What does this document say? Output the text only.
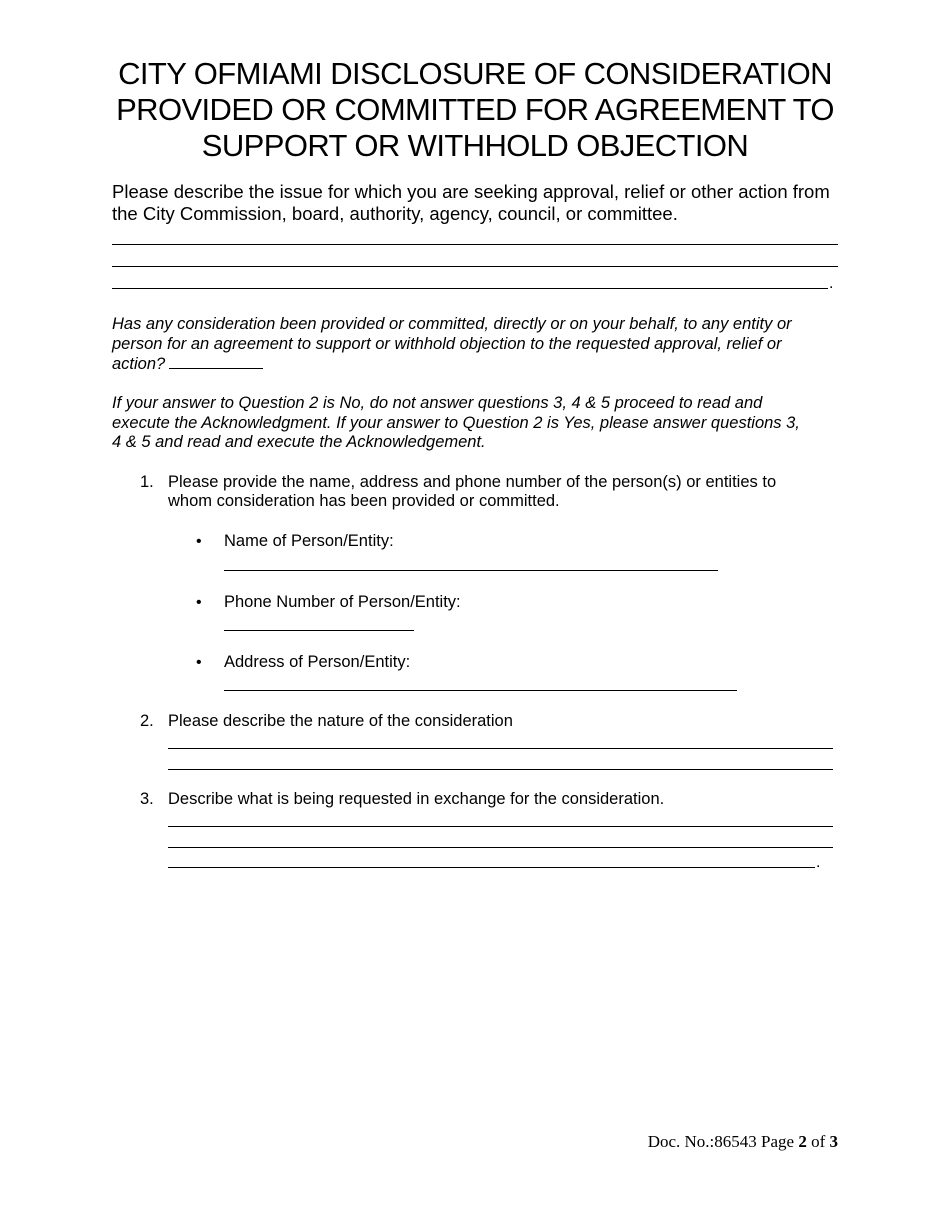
CITY OFMIAMI DISCLOSURE OF CONSIDERATION
PROVIDED OR COMMITTED FOR AGREEMENT TO
SUPPORT OR WITHHOLD OBJECTION
Please describe the issue for which you are seeking approval, relief or other action from
the City Commission, board, authority, agency, council, or committee.
.
Has any consideration been provided or committed, directly or on your behalf, to any entity or
person for an agreement to support or withhold objection to the requested approval, relief or
action?
If your answer to Question 2 is No, do not answer questions 3, 4 & 5 proceed to read and
execute the Acknowledgment. If your answer to Question 2 is Yes, please answer questions 3,
4 & 5 and read and execute the Acknowledgement.
1. Please provide the name, address and phone number of the person(s) or entities to
whom consideration has been provided or committed.
• Name of Person/Entity:
• Phone Number of Person/Entity:
• Address of Person/Entity:
2. Please describe the nature of the consideration
3. Describe what is being requested in exchange for the consideration.
.
Doc. No.:86543 Page 2 of 3
